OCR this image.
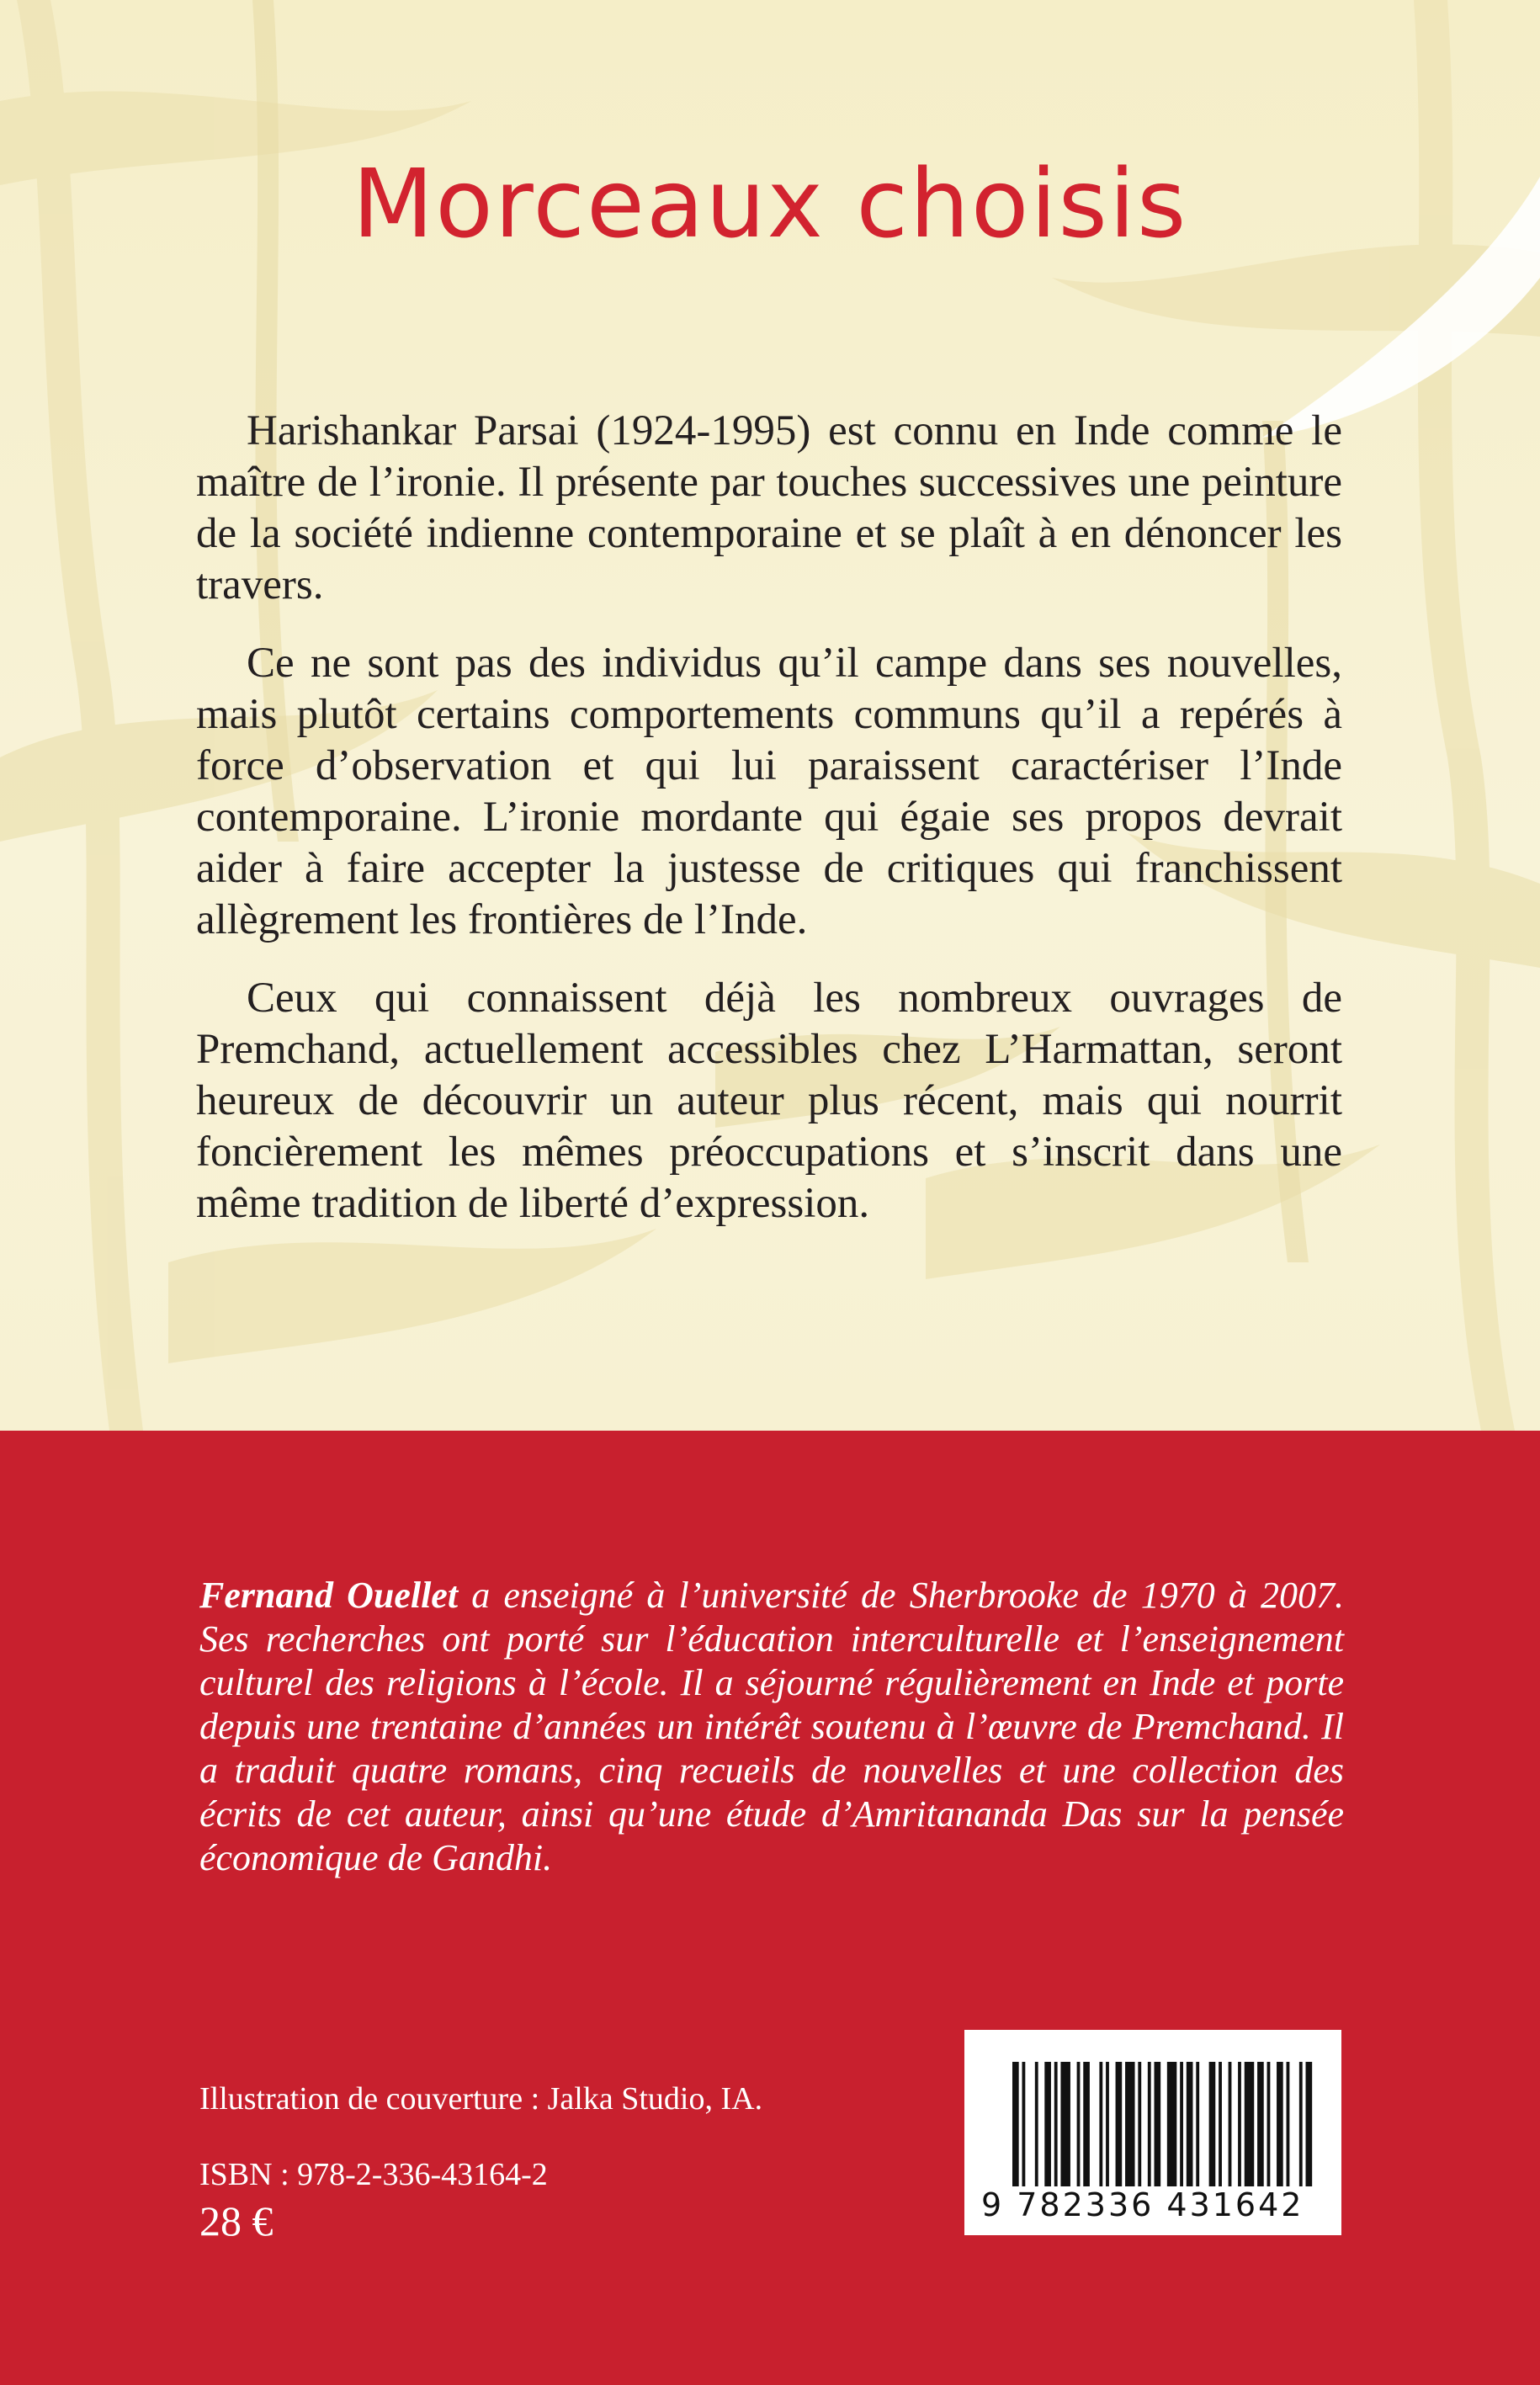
Morceaux choisis

Harishankar Parsai (1924-1995) est connu en Inde comme le maître de l’ironie. Il présente par touches successives une peinture de la société indienne contemporaine et se plaît à en dénoncer les travers.

Ce ne sont pas des individus qu’il campe dans ses nouvelles, mais plutôt certains comportements communs qu’il a repérés à force d’observation et qui lui paraissent caractériser l’Inde contemporaine. L’ironie mordante qui égaie ses propos devrait aider à faire accepter la justesse de critiques qui franchissent allègrement les frontières de l’Inde.

Ceux qui connaissent déjà les nombreux ouvrages de Premchand, actuellement accessibles chez L’Harmattan, seront heureux de découvrir un auteur plus récent, mais qui nourrit foncièrement les mêmes préoccupations et s’inscrit dans une même tradition de liberté d’expression.

Fernand Ouellet a enseigné à l’université de Sherbrooke de 1970 à 2007. Ses recherches ont porté sur l’éducation interculturelle et l’enseignement culturel des religions à l’école. Il a séjourné régulièrement en Inde et porte depuis une trentaine d’années un intérêt soutenu à l’œuvre de Premchand. Il a traduit quatre romans, cinq recueils de nouvelles et une collection des écrits de cet auteur, ainsi qu’une étude d’Amritananda Das sur la pensée économique de Gandhi.
Illustration de couverture : Jalka Studio, IA.
ISBN : 978-2-336-43164-2
28 €	9 782336 431642
